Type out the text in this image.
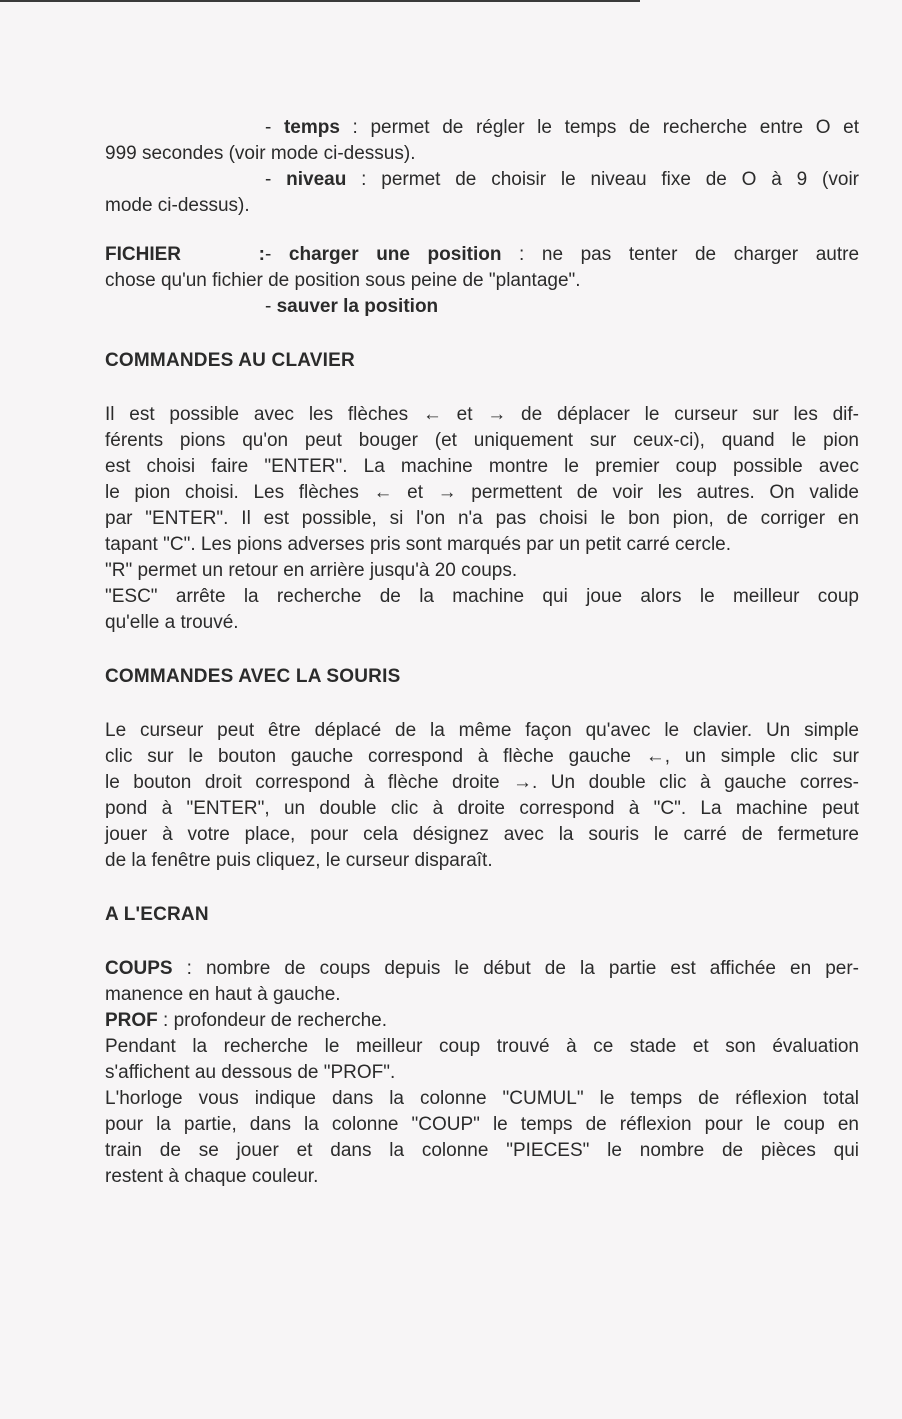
- temps : permet de régler le temps de recherche entre O et
999 secondes (voir mode ci-dessus).
- niveau : permet de choisir le niveau fixe de O à 9 (voir
mode ci-dessus).
FICHIER :- charger une position : ne pas tenter de charger autre
chose qu'un fichier de position sous peine de "plantage".
- sauver la position
COMMANDES AU CLAVIER
Il est possible avec les flèches ← et → de déplacer le curseur sur les dif-
férents pions qu'on peut bouger (et uniquement sur ceux-ci), quand le pion
est choisi faire "ENTER". La machine montre le premier coup possible avec
le pion choisi. Les flèches ← et → permettent de voir les autres. On valide
par "ENTER". Il est possible, si l'on n'a pas choisi le bon pion, de corriger en
tapant "C". Les pions adverses pris sont marqués par un petit carré cercle.
"R" permet un retour en arrière jusqu'à 20 coups.
"ESC" arrête la recherche de la machine qui joue alors le meilleur coup
qu'elle a trouvé.
COMMANDES AVEC LA SOURIS
Le curseur peut être déplacé de la même façon qu'avec le clavier. Un simple
clic sur le bouton gauche correspond à flèche gauche ←, un simple clic sur
le bouton droit correspond à flèche droite →. Un double clic à gauche corres-
pond à "ENTER", un double clic à droite correspond à "C". La machine peut
jouer à votre place, pour cela désignez avec la souris le carré de fermeture
de la fenêtre puis cliquez, le curseur disparaît.
A L'ECRAN
COUPS : nombre de coups depuis le début de la partie est affichée en per-
manence en haut à gauche.
PROF : profondeur de recherche.
Pendant la recherche le meilleur coup trouvé à ce stade et son évaluation
s'affichent au dessous de "PROF".
L'horloge vous indique dans la colonne "CUMUL" le temps de réflexion total
pour la partie, dans la colonne "COUP" le temps de réflexion pour le coup en
train de se jouer et dans la colonne "PIECES" le nombre de pièces qui
restent à chaque couleur.
